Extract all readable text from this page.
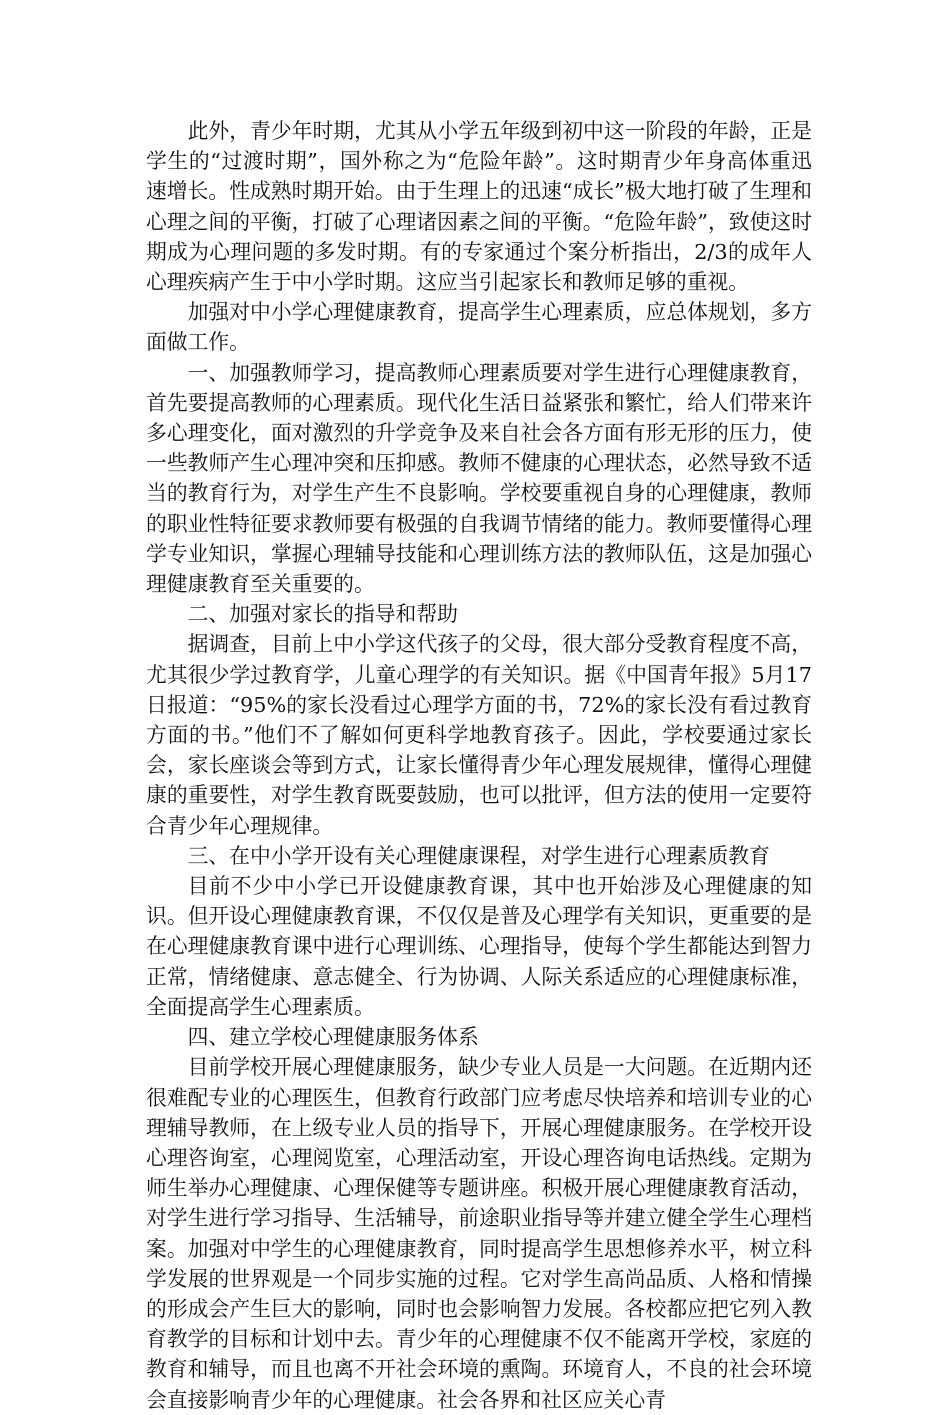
此外，青少年时期，尤其从小学五年级到初中这一阶段的年龄，正是学生的“过渡时期”，国外称之为“危险年龄”。这时期青少年身高体重迅速增长。性成熟时期开始。由于生理上的迅速“成长”极大地打破了生理和心理之间的平衡，打破了心理诸因素之间的平衡。“危险年龄”，致使这时期成为心理问题的多发时期。有的专家通过个案分析指出，2/3的成年人心理疾病产生于中小学时期。这应当引起家长和教师足够的重视。

加强对中小学心理健康教育，提高学生心理素质，应总体规划，多方面做工作。

一、加强教师学习，提高教师心理素质要对学生进行心理健康教育，首先要提高教师的心理素质。现代化生活日益紧张和繁忙，给人们带来许多心理变化，面对激烈的升学竞争及来自社会各方面有形无形的压力，使一些教师产生心理冲突和压抑感。教师不健康的心理状态，必然导致不适当的教育行为，对学生产生不良影响。学校要重视自身的心理健康，教师的职业性特征要求教师要有极强的自我调节情绪的能力。教师要懂得心理学专业知识，掌握心理辅导技能和心理训练方法的教师队伍，这是加强心理健康教育至关重要的。

二、加强对家长的指导和帮助

据调查，目前上中小学这代孩子的父母，很大部分受教育程度不高，尤其很少学过教育学，儿童心理学的有关知识。据《中国青年报》5月17日报道：“95%的家长没看过心理学方面的书，72%的家长没有看过教育方面的书。”他们不了解如何更科学地教育孩子。因此，学校要通过家长会，家长座谈会等到方式，让家长懂得青少年心理发展规律，懂得心理健康的重要性，对学生教育既要鼓励，也可以批评，但方法的使用一定要符合青少年心理规律。

三、在中小学开设有关心理健康课程，对学生进行心理素质教育

目前不少中小学已开设健康教育课，其中也开始涉及心理健康的知识。但开设心理健康教育课，不仅仅是普及心理学有关知识，更重要的是在心理健康教育课中进行心理训练、心理指导，使每个学生都能达到智力正常，情绪健康、意志健全、行为协调、人际关系适应的心理健康标准，全面提高学生心理素质。

四、建立学校心理健康服务体系

目前学校开展心理健康服务，缺少专业人员是一大问题。在近期内还很难配专业的心理医生，但教育行政部门应考虑尽快培养和培训专业的心理辅导教师，在上级专业人员的指导下，开展心理健康服务。在学校开设心理咨询室，心理阅览室，心理活动室，开设心理咨询电话热线。定期为师生举办心理健康、心理保健等专题讲座。积极开展心理健康教育活动，对学生进行学习指导、生活辅导，前途职业指导等并建立健全学生心理档案。加强对中学生的心理健康教育，同时提高学生思想修养水平，树立科学发展的世界观是一个同步实施的过程。它对学生高尚品质、人格和情操的形成会产生巨大的影响，同时也会影响智力发展。各校都应把它列入教育教学的目标和计划中去。青少年的心理健康不仅不能离开学校，家庭的教育和辅导，而且也离不开社会环境的熏陶。环境育人，不良的社会环境会直接影响青少年的心理健康。社会各界和社区应关心青
